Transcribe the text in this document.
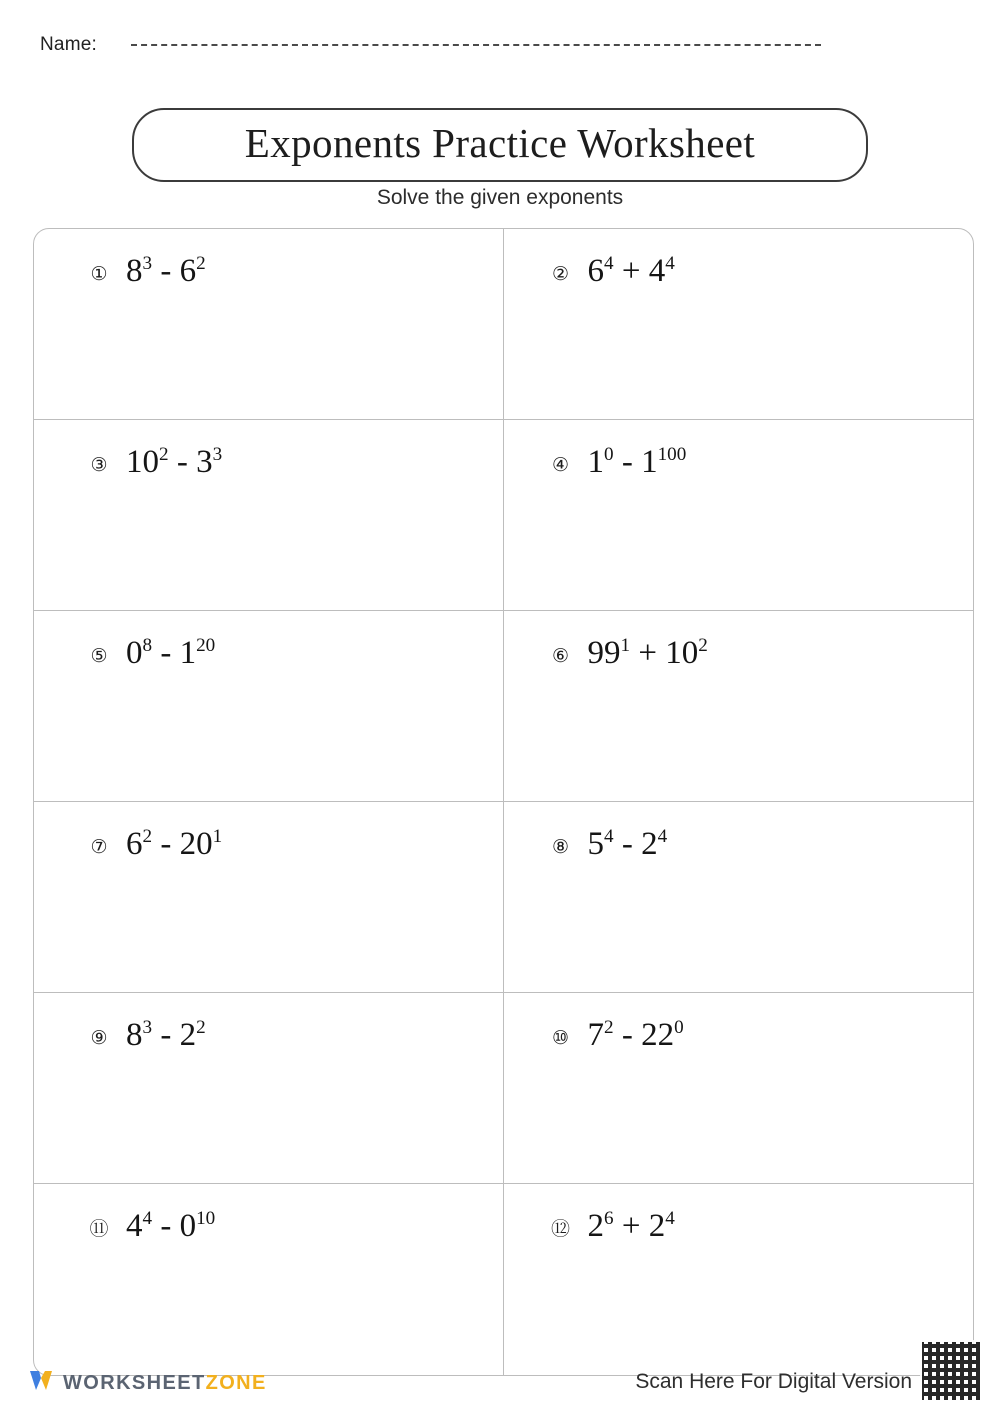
Name:
Exponents Practice Worksheet
Solve the given exponents
① $8^3 - 6^2$
② $6^4 + 4^4$
③ $10^2 - 3^3$
④ $1^0 - 1^{100}$
⑤ $0^8 - 1^{20}$
⑥ $99^1 + 10^2$
⑦ $6^2 - 20^1$
⑧ $5^4 - 2^4$
⑨ $8^3 - 2^2$
⑩ $7^2 - 22^0$
⑪ $4^4 - 0^{10}$
⑫ $2^6 + 2^4$
WORKSHEETZONE	Scan Here For Digital Version
